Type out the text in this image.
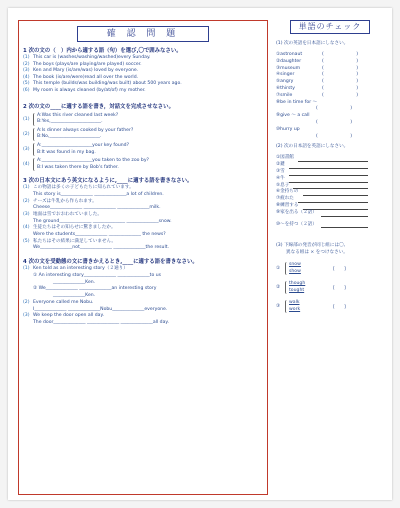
確 認 問 題
1 次の文の（　）内から適する語（句）を選び,〇で囲みなさい。
(1) This car is (washes/washing/washed)every Sunday.
(2) The boys (plays/are playing/are played) soccer.
(3) Ken and Mary (is/are/was) loved by everyone.
(4) The book (is/are/were)read all over the world.
(5) This temple (builds/was building/was built) about 500 years ago.
(6) My room is always cleaned (by/at/of) my mother.
2 次の文の____に適する語を書き，対話文を完成させなさい。
(1)
A:Was this river cleaned last week?
B:Yes,______________________.
(2)
A:Is dinner always cooked by your father?
B:No,______________________.
(3)
A:______________________your key found?
B:It was found in my bag.
(4)
A:______________________you taken to the zoo by?
B:I was taken there by Bob's father.
3 次の日本文にあう英文になるように,____に適する語を書きなさい。
(1) この物語は多くの子どもたちに知られています。
This story is______________ ______________a lot of children.
(2) チーズは牛乳から作られます。
Cheese______________ ______________ ______________milk.
(3) 地面は雪でおおわれていました。
The ground______________ ______________ ______________snow.
(4) 生徒たちはその知らせに驚きましたか。
Were the students______________ ______________ the news?
(5) 私たちはその結果に満足していません。
We______________not______________ ______________the result.
4 次の文を受動態の文に書きかえるとき,____に適する語を書きなさい。
(1) Ken told as an interesting story（２通り）
① An interesting story______________ ______________to us
______________Ken.
② We______________ ______________an interesting story
______________Ken.
(2) Everyone called me Nobu.
I______________ ______________Nobu______________everyone.
(3) We keep the door open all day.
The door______________ ______________ ______________all day.
単語のチェック
(1) 次の英語を日本語にしなさい。
①astronaut	(	)
②daughter	(	)
③museum	(	)
④singer	(	)
⑤angry	(	)
⑥thirsty	(	)
⑦smile	(	)
⑧be in time for ～
(	)
⑨give ～ a call
(	)
⑩hurry up
(	)
(2) 次の日本語を英語にしなさい。
①図書館
②鍵
③雪
④牛
⑤息子
⑥金持ちの
⑦疲れた
⑧練習する
⑨家を出る（２語）
⑩～を持つ（２語）
(3) 下線部の発音が同じ組には〇,
異なる組は × をつけなさい。
①
snow
show	[　　]
②
though
tought	[　　]
③
walk
work	[　　]
